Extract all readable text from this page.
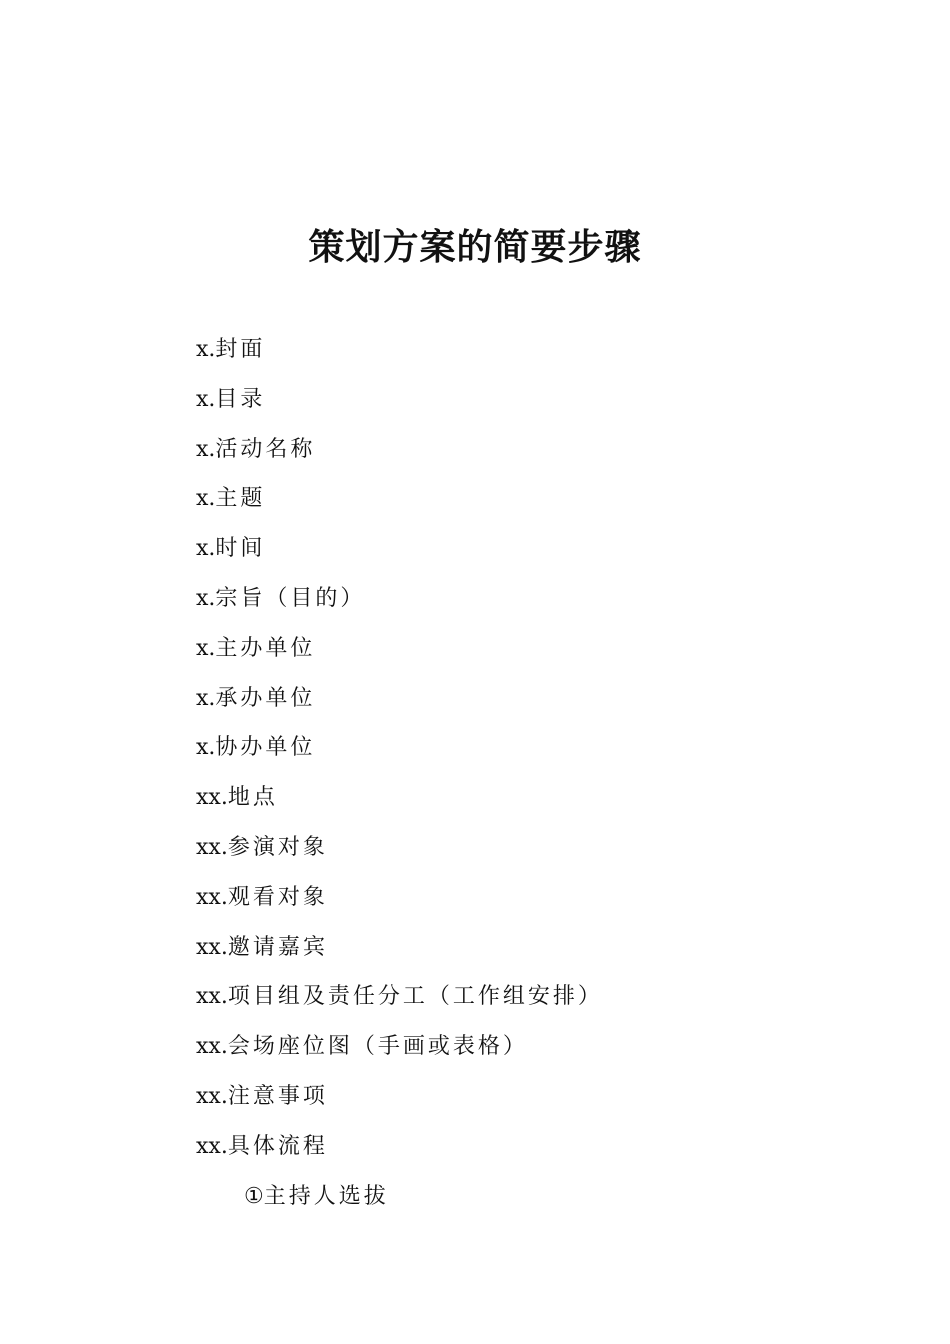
策划方案的简要步骤
x.封面
x.目录
x.活动名称
x.主题
x.时间
x.宗旨（目的）
x.主办单位
x.承办单位
x.协办单位
xx.地点
xx.参演对象
xx.观看对象
xx.邀请嘉宾
xx.项目组及责任分工（工作组安排）
xx.会场座位图（手画或表格）
xx.注意事项
xx.具体流程
①主持人选拔
